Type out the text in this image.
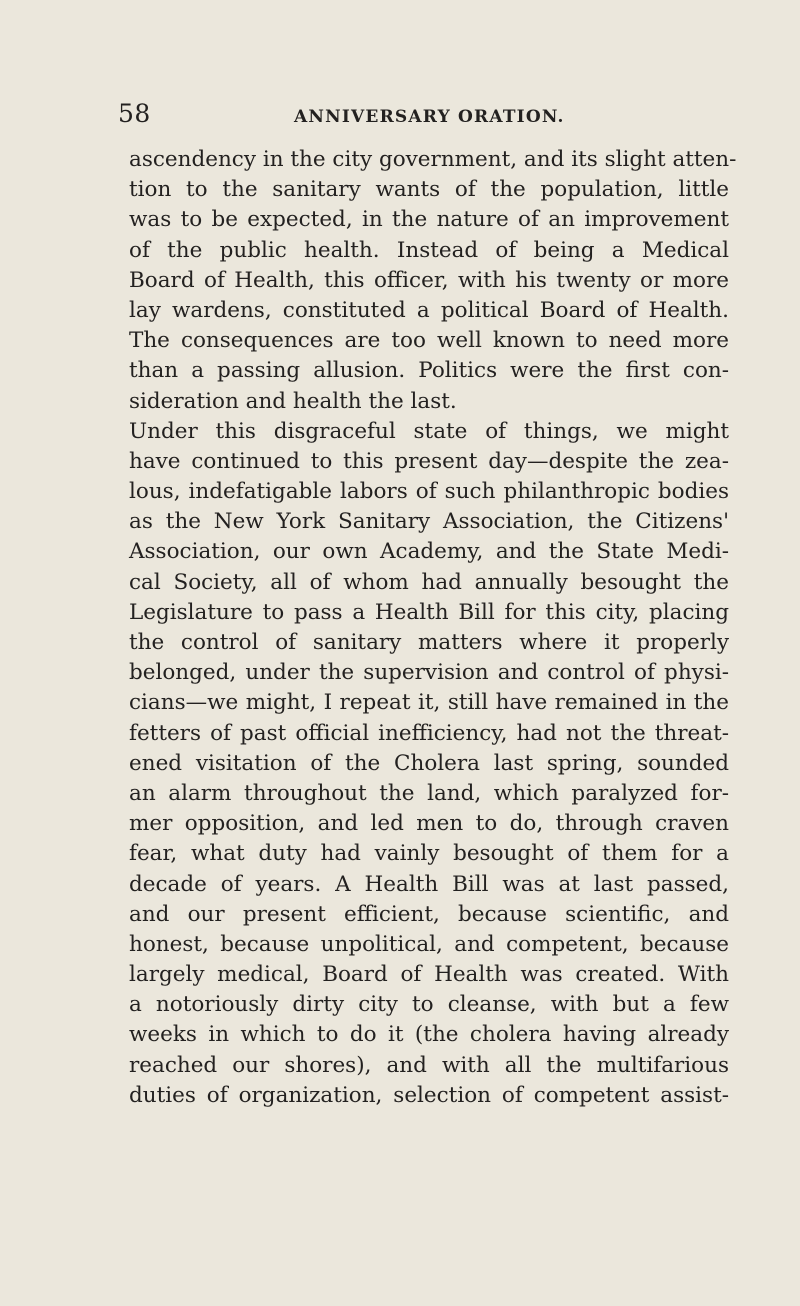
58	ANNIVERSARY ORATION.
ascendency in the city government, and its slight atten-
tion to the sanitary wants of the population, little
was to be expected, in the nature of an improvement
of the public health. Instead of being a Medical
Board of Health, this officer, with his twenty or more
lay wardens, constituted a political Board of Health.
The consequences are too well known to need more
than a passing allusion. Politics were the first con-
sideration and health the last.
Under this disgraceful state of things, we might
have continued to this present day—despite the zea-
lous, indefatigable labors of such philanthropic bodies
as the New York Sanitary Association, the Citizens'
Association, our own Academy, and the State Medi-
cal Society, all of whom had annually besought the
Legislature to pass a Health Bill for this city, placing
the control of sanitary matters where it properly
belonged, under the supervision and control of physi-
cians—we might, I repeat it, still have remained in the
fetters of past official inefficiency, had not the threat-
ened visitation of the Cholera last spring, sounded
an alarm throughout the land, which paralyzed for-
mer opposition, and led men to do, through craven
fear, what duty had vainly besought of them for a
decade of years. A Health Bill was at last passed,
and our present efficient, because scientific, and
honest, because unpolitical, and competent, because
largely medical, Board of Health was created. With
a notoriously dirty city to cleanse, with but a few
weeks in which to do it (the cholera having already
reached our shores), and with all the multifarious
duties of organization, selection of competent assist-
